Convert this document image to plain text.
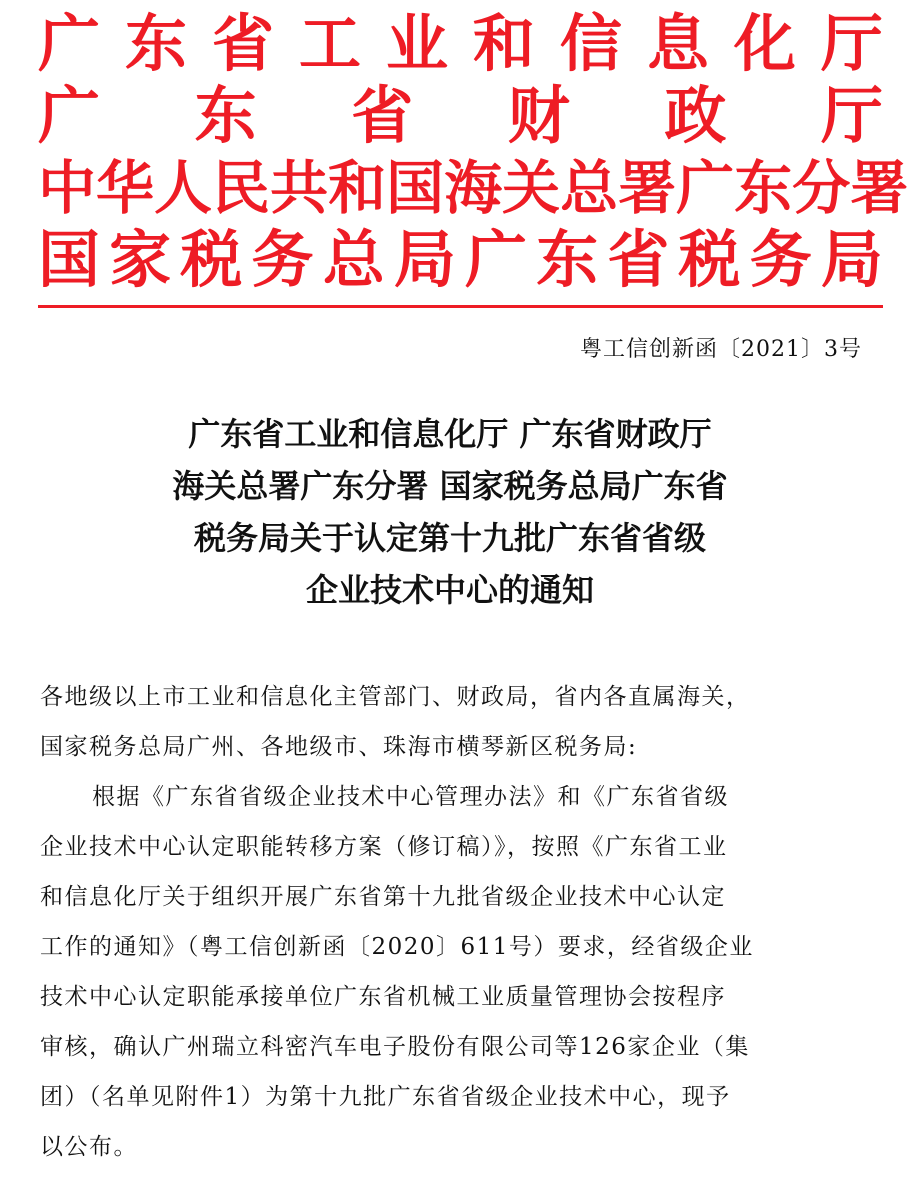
广 东 省 工 业 和 信 息 化 厅
广 东 省 财 政 厅
中 华 人 民 共 和 国 海 关 总 署 广 东 分 署
国 家 税 务 总 局 广 东 省 税 务 局
粤工信创新函〔2021〕3号
广东省工业和信息化厅 广东省财政厅
海关总署广东分署 国家税务总局广东省
税务局关于认定第十九批广东省省级
企业技术中心的通知
各地级以上市工业和信息化主管部门、财政局，省内各直属海关，
国家税务总局广州、各地级市、珠海市横琴新区税务局:
根据《广东省省级企业技术中心管理办法》和《广东省省级
企业技术中心认定职能转移方案（修订稿）》，按照《广东省工业
和信息化厅关于组织开展广东省第十九批省级企业技术中心认定
工作的通知》（粤工信创新函〔2020〕611号）要求，经省级企业
技术中心认定职能承接单位广东省机械工业质量管理协会按程序
审核，确认广州瑞立科密汽车电子股份有限公司等126家企业（集
团）（名单见附件1）为第十九批广东省省级企业技术中心，现予
以公布。
